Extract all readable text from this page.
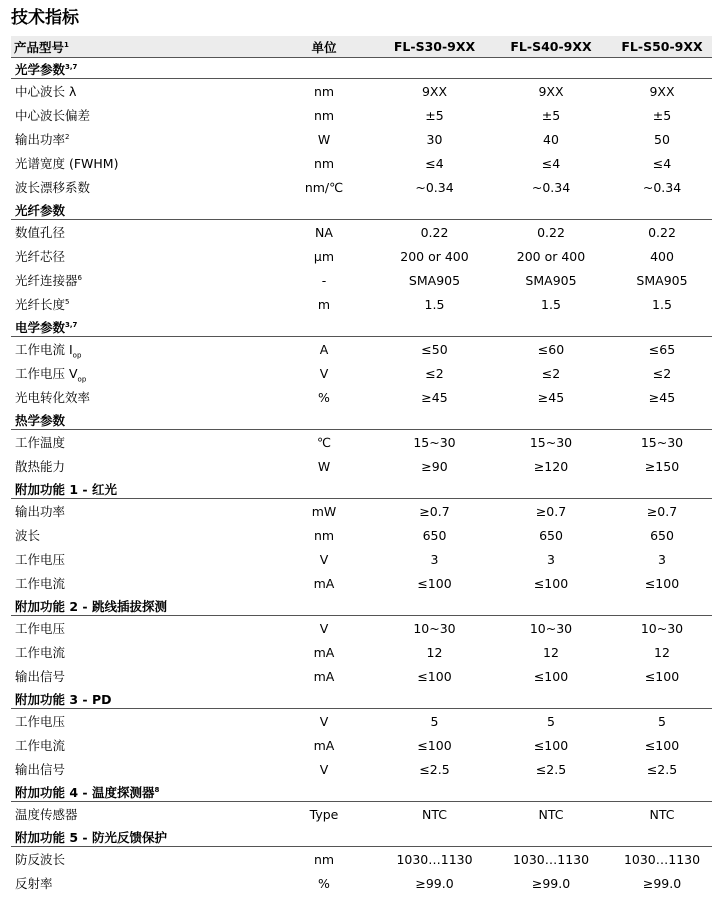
技术指标
产品型号$^1$	单位	FL-S30-9XX	FL-S40-9XX	FL-S50-9XX
光学参数$^{3,7}$
中心波长 λ	nm	9XX	9XX	9XX
中心波长偏差	nm	±5	±5	±5
输出功率$^2$	W	30	40	50
光谱宽度 (FWHM)	nm	≤4	≤4	≤4
波长漂移系数	nm/℃	~0.34	~0.34	~0.34
光纤参数				
数值孔径	NA	0.22	0.22	0.22
光纤芯径	µm	200 or 400	200 or 400	400
光纤连接器$^6$	-	SMA905	SMA905	SMA905
光纤长度$^5$	m	1.5	1.5	1.5
电学参数$^{3,7}$
工作电流 $I_{op}$	A	≤50	≤60	≤65
工作电压 $V_{op}$	V	≤2	≤2	≤2
光电转化效率	%	≥45	≥45	≥45
热学参数				
工作温度	℃	15~30	15~30	15~30
散热能力	W	≥90	≥120	≥150
附加功能 1 - 红光				
输出功率	mW	≥0.7	≥0.7	≥0.7
波长	nm	650	650	650
工作电压	V	3	3	3
工作电流	mA	≤100	≤100	≤100
附加功能 2 - 跳线插拔探测				
工作电压	V	10~30	10~30	10~30
工作电流	mA	12	12	12
输出信号	mA	≤100	≤100	≤100
附加功能 3 - PD				
工作电压	V	5	5	5
工作电流	mA	≤100	≤100	≤100
输出信号	V	≤2.5	≤2.5	≤2.5
附加功能 4 - 温度探测器$^8$
温度传感器	Type	NTC	NTC	NTC
附加功能 5 - 防光反馈保护				
防反波长	nm	1030…1130	1030…1130	1030…1130
反射率	%	≥99.0	≥99.0	≥99.0
